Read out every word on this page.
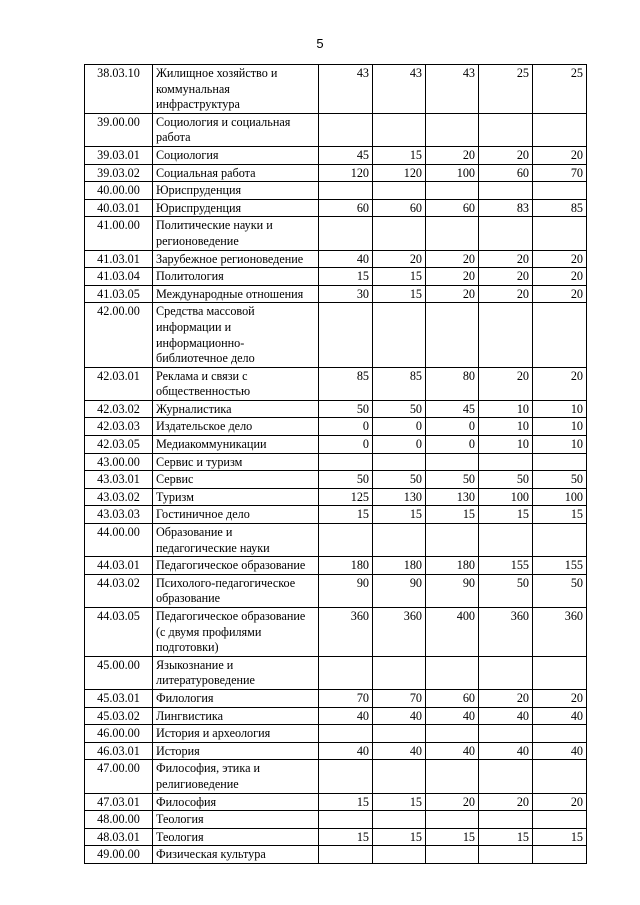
5
38.03.10	Жилищное хозяйство и коммунальная инфраструктура	43	43	43	25	25
39.00.00	Социология и социальная работа					
39.03.01	Социология	45	15	20	20	20
39.03.02	Социальная работа	120	120	100	60	70
40.00.00	Юриспруденция					
40.03.01	Юриспруденция	60	60	60	83	85
41.00.00	Политические науки и регионоведение					
41.03.01	Зарубежное регионоведение	40	20	20	20	20
41.03.04	Политология	15	15	20	20	20
41.03.05	Международные отношения	30	15	20	20	20
42.00.00	Средства массовой информации и информационно-библиотечное дело					
42.03.01	Реклама и связи с общественностью	85	85	80	20	20
42.03.02	Журналистика	50	50	45	10	10
42.03.03	Издательское дело	0	0	0	10	10
42.03.05	Медиакоммуникации	0	0	0	10	10
43.00.00	Сервис и туризм					
43.03.01	Сервис	50	50	50	50	50
43.03.02	Туризм	125	130	130	100	100
43.03.03	Гостиничное дело	15	15	15	15	15
44.00.00	Образование и педагогические науки					
44.03.01	Педагогическое образование	180	180	180	155	155
44.03.02	Психолого-педагогическое образование	90	90	90	50	50
44.03.05	Педагогическое образование (с двумя профилями подготовки)	360	360	400	360	360
45.00.00	Языкознание и литературоведение					
45.03.01	Филология	70	70	60	20	20
45.03.02	Лингвистика	40	40	40	40	40
46.00.00	История и археология					
46.03.01	История	40	40	40	40	40
47.00.00	Философия, этика и религиоведение					
47.03.01	Философия	15	15	20	20	20
48.00.00	Теология					
48.03.01	Теология	15	15	15	15	15
49.00.00	Физическая культура					
